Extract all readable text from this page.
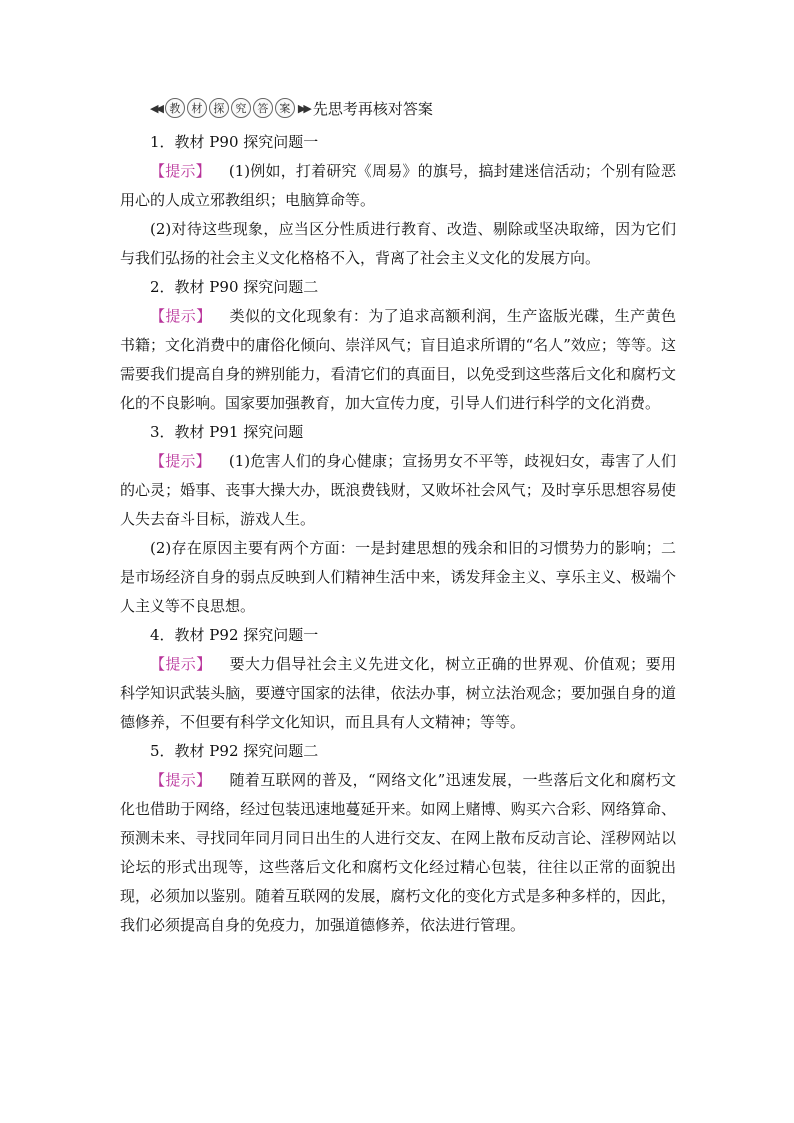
◀◀ 教	材	探	究	答	案 ▶▶ 先思考再核对答案

1．教材 P90 探究问题一

【提示】 (1)例如，打着研究《周易》的旗号，搞封建迷信活动；个别有险恶用心的人成立邪教组织；电脑算命等。

(2)对待这些现象，应当区分性质进行教育、改造、剔除或坚决取缔，因为它们与我们弘扬的社会主义文化格格不入，背离了社会主义文化的发展方向。

2．教材 P90 探究问题二

【提示】 类似的文化现象有：为了追求高额利润，生产盗版光碟，生产黄色书籍；文化消费中的庸俗化倾向、崇洋风气；盲目追求所谓的“名人”效应；等等。这需要我们提高自身的辨别能力，看清它们的真面目，以免受到这些落后文化和腐朽文化的不良影响。国家要加强教育，加大宣传力度，引导人们进行科学的文化消费。

3．教材 P91 探究问题

【提示】 (1)危害人们的身心健康；宣扬男女不平等，歧视妇女，毒害了人们的心灵；婚事、丧事大操大办，既浪费钱财，又败坏社会风气；及时享乐思想容易使人失去奋斗目标，游戏人生。

(2)存在原因主要有两个方面：一是封建思想的残余和旧的习惯势力的影响；二是市场经济自身的弱点反映到人们精神生活中来，诱发拜金主义、享乐主义、极端个人主义等不良思想。

4．教材 P92 探究问题一

【提示】 要大力倡导社会主义先进文化，树立正确的世界观、价值观；要用科学知识武装头脑，要遵守国家的法律，依法办事，树立法治观念；要加强自身的道德修养，不但要有科学文化知识，而且具有人文精神；等等。

5．教材 P92 探究问题二

【提示】 随着互联网的普及，“网络文化”迅速发展，一些落后文化和腐朽文化也借助于网络，经过包装迅速地蔓延开来。如网上赌博、购买六合彩、网络算命、预测未来、寻找同年同月同日出生的人进行交友、在网上散布反动言论、淫秽网站以论坛的形式出现等，这些落后文化和腐朽文化经过精心包装，往往以正常的面貌出现，必须加以鉴别。随着互联网的发展，腐朽文化的变化方式是多种多样的，因此，我们必须提高自身的免疫力，加强道德修养，依法进行管理。
